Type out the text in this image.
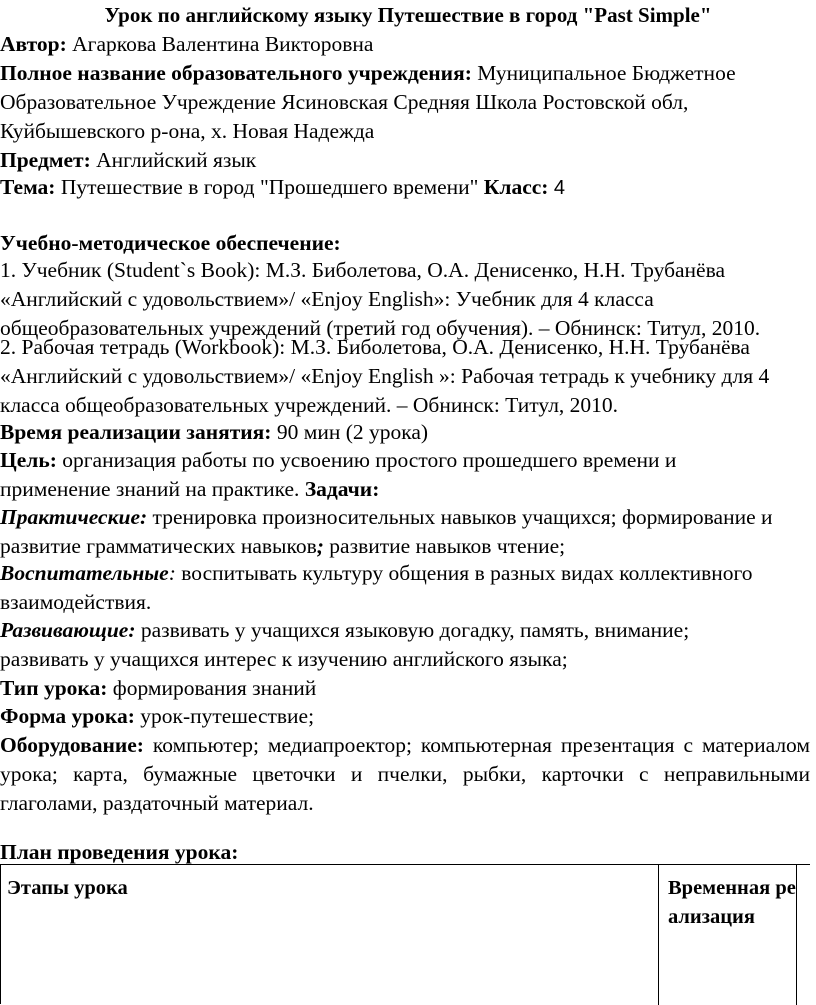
Урок по английскому языку Путешествие в город "Past Simple"

Автор: Агаркова Валентина Викторовна

Полное название образовательного учреждения: Муниципальное Бюджетное Образовательное Учреждение Ясиновская Средняя Школа Ростовской обл, Куйбышевского р-она, х. Новая Надежда

Предмет: Английский язык

Тема: Путешествие в город "Прошедшего времени" Класс: 4

Учебно-методическое обеспечение:

1. Учебник (Student`s Book): М.З. Биболетова, О.А. Денисенко, Н.Н. Трубанёва «Английский с удовольствием»/ «Enjoy English»: Учебник для 4 класса общеобразовательных учреждений (третий год обучения). – Обнинск: Титул, 2010.

2. Рабочая тетрадь (Workbook): М.З. Биболетова, О.А. Денисенко, Н.Н. Трубанёва «Английский с удовольствием»/ «Enjoy English »: Рабочая тетрадь к учебнику для 4 класса общеобразовательных учреждений. – Обнинск: Титул, 2010.

Время реализации занятия: 90 мин (2 урока)

Цель: организация работы по усвоению простого прошедшего времени и применение знаний на практике. Задачи:

Практические: тренировка произносительных навыков учащихся; формирование и развитие грамматических навыков; развитие навыков чтение;

Воспитательные: воспитывать культуру общения в разных видах коллективного взаимодействия.

Развивающие: развивать у учащихся языковую догадку, память, внимание; развивать у учащихся интерес к изучению английского языка;

Тип урока: формирования знаний

Форма урока: урок-путешествие;

Оборудование: компьютер; медиапроектор; компьютерная презентация с материалом урока; карта, бумажные цветочки и пчелки, рыбки, карточки с неправильными глаголами, раздаточный материал.

План проведения урока:

Этапы урока	Временная реализация
